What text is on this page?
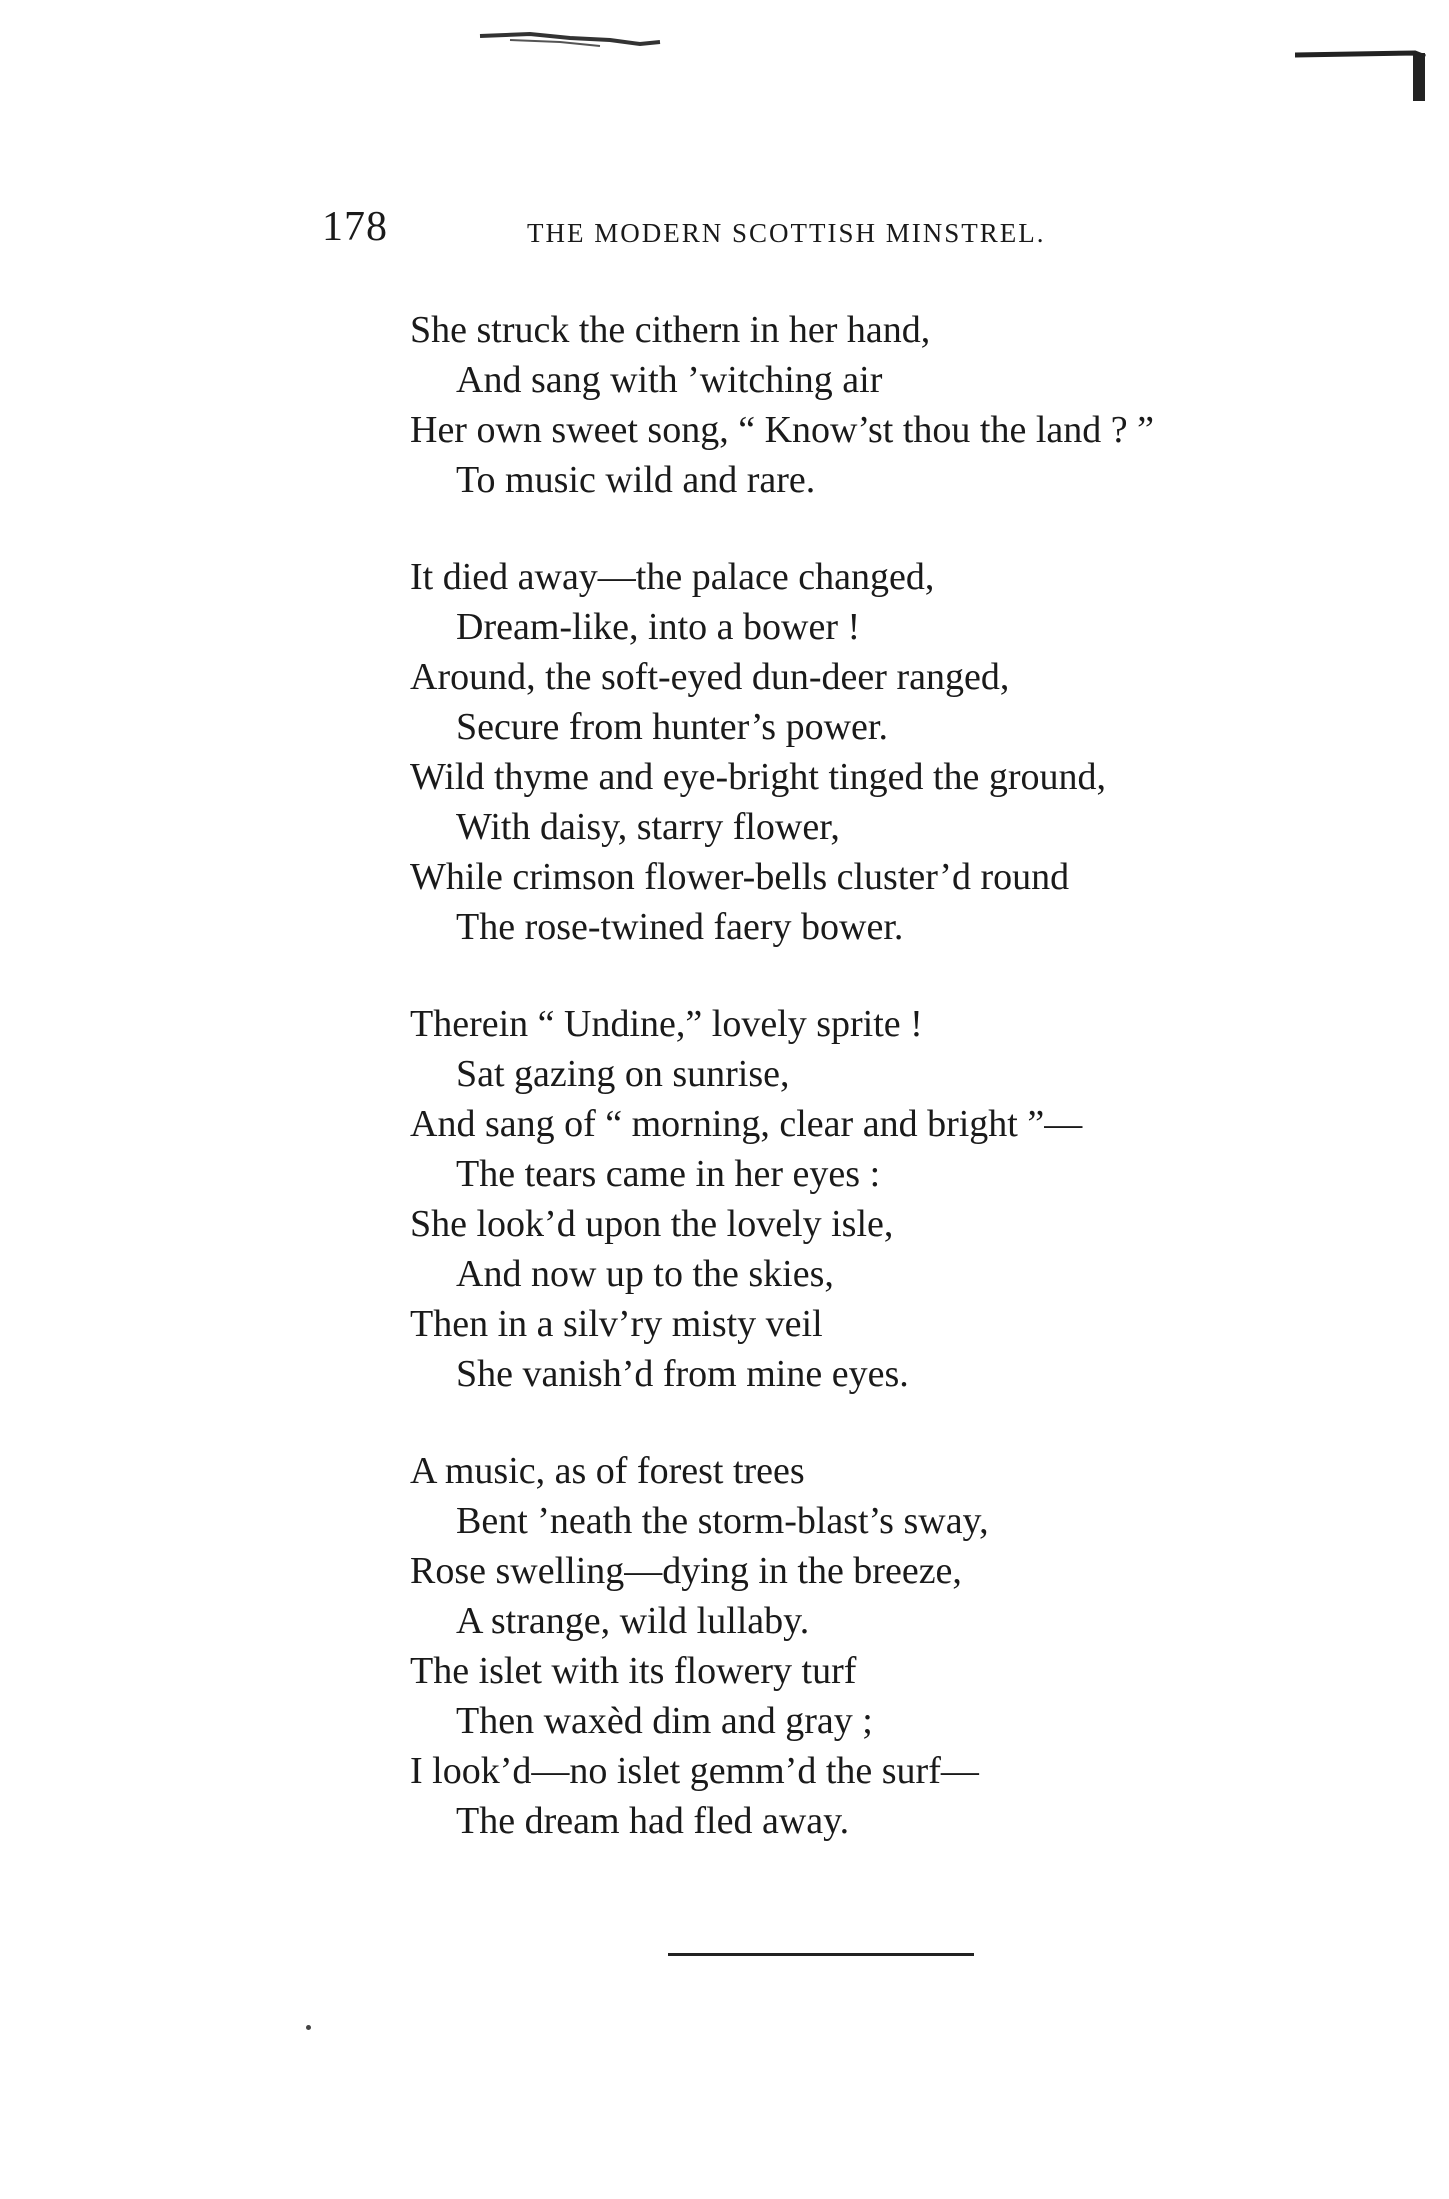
178	THE MODERN SCOTTISH MINSTREL.
She struck the cithern in her hand,
And sang with ’witching air
Her own sweet song, “ Know’st thou the land ? ”
To music wild and rare.
It died away—the palace changed,
Dream-like, into a bower !
Around, the soft-eyed dun-deer ranged,
Secure from hunter’s power.
Wild thyme and eye-bright tinged the ground,
With daisy, starry flower,
While crimson flower-bells cluster’d round
The rose-twined faery bower.
Therein “ Undine,” lovely sprite !
Sat gazing on sunrise,
And sang of “ morning, clear and bright ”—
The tears came in her eyes :
She look’d upon the lovely isle,
And now up to the skies,
Then in a silv’ry misty veil
She vanish’d from mine eyes.
A music, as of forest trees
Bent ’neath the storm-blast’s sway,
Rose swelling—dying in the breeze,
A strange, wild lullaby.
The islet with its flowery turf
Then waxèd dim and gray ;
I look’d—no islet gemm’d the surf—
The dream had fled away.
